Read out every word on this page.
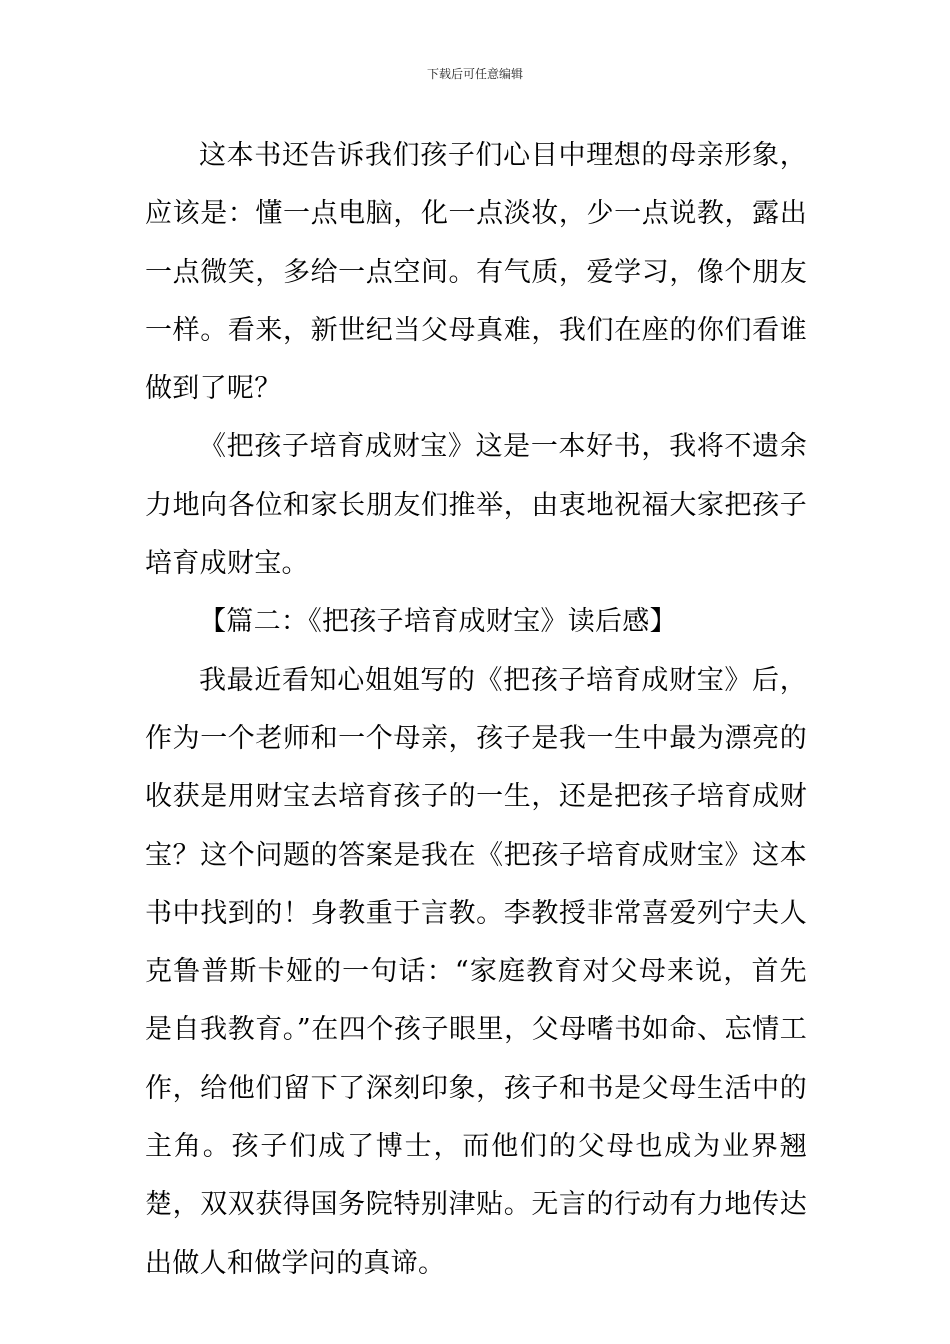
下载后可任意编辑

这本书还告诉我们孩子们心目中理想的母亲形象，应该是：懂一点电脑，化一点淡妆，少一点说教，露出一点微笑，多给一点空间。有气质，爱学习，像个朋友一样。看来，新世纪当父母真难，我们在座的你们看谁做到了呢？

《把孩子培育成财宝》这是一本好书，我将不遗余力地向各位和家长朋友们推举，由衷地祝福大家把孩子培育成财宝。

【篇二：《把孩子培育成财宝》读后感】

我最近看知心姐姐写的《把孩子培育成财宝》后，作为一个老师和一个母亲，孩子是我一生中最为漂亮的收获是用财宝去培育孩子的一生，还是把孩子培育成财宝？这个问题的答案是我在《把孩子培育成财宝》这本书中找到的！身教重于言教。李教授非常喜爱列宁夫人克鲁普斯卡娅的一句话：“家庭教育对父母来说，首先是自我教育。”在四个孩子眼里，父母嗜书如命、忘情工作，给他们留下了深刻印象，孩子和书是父母生活中的主角。孩子们成了博士，而他们的父母也成为业界翘楚，双双获得国务院特别津贴。无言的行动有力地传达出做人和做学问的真谛。
